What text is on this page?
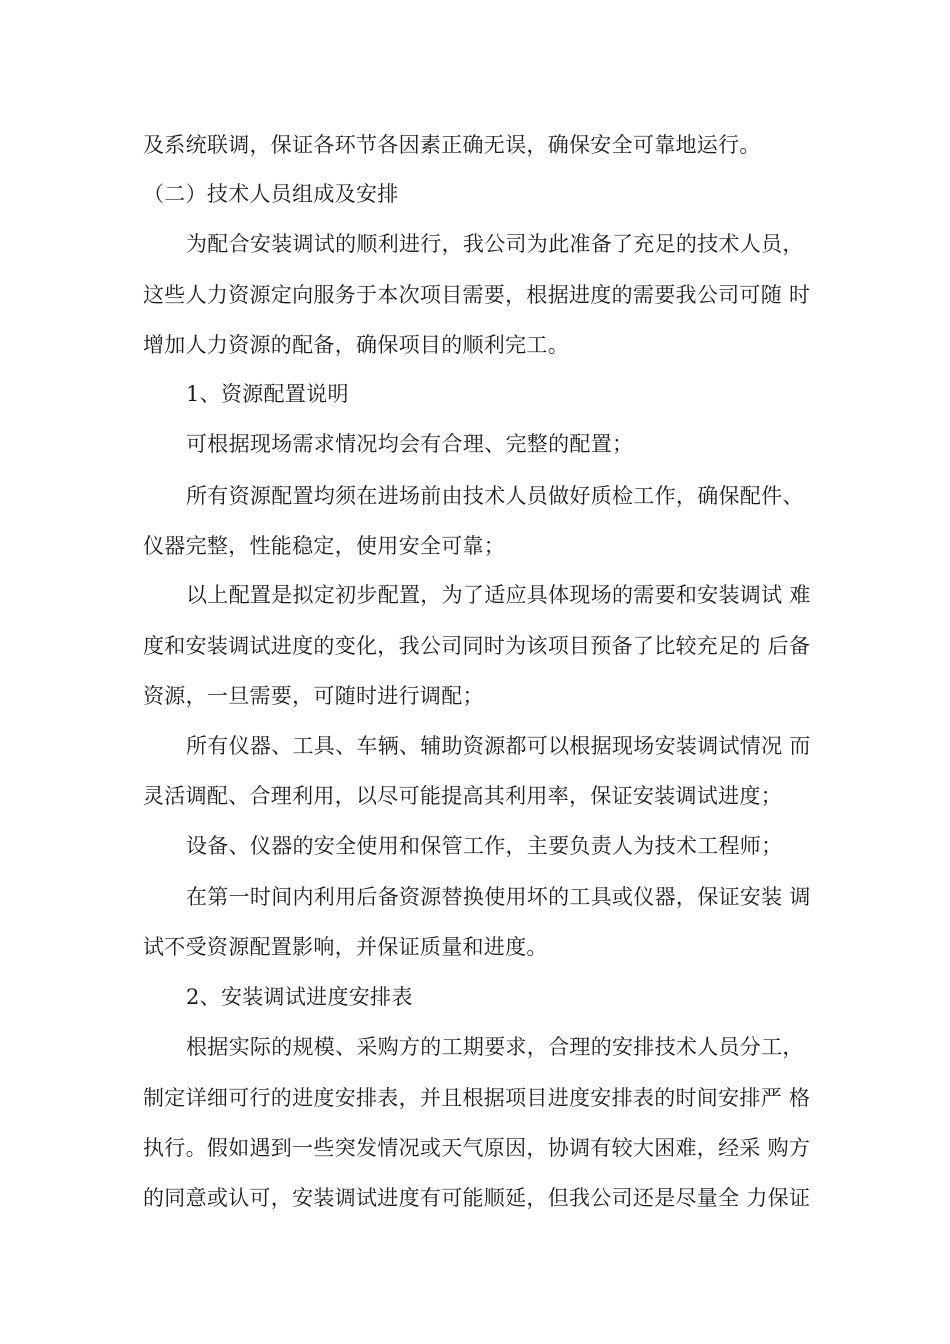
及系统联调，保证各环节各因素正确无误，确保安全可靠地运行。
（二）技术人员组成及安排
为配合安装调试的顺利进行，我公司为此准备了充足的技术人员，
这些人力资源定向服务于本次项目需要，根据进度的需要我公司可随 时
增加人力资源的配备，确保项目的顺利完工。
1、资源配置说明
可根据现场需求情况均会有合理、完整的配置；
所有资源配置均须在进场前由技术人员做好质检工作，确保配件、
仪器完整，性能稳定，使用安全可靠；
以上配置是拟定初步配置，为了适应具体现场的需要和安装调试 难
度和安装调试进度的变化，我公司同时为该项目预备了比较充足的 后备
资源，一旦需要，可随时进行调配；
所有仪器、工具、车辆、辅助资源都可以根据现场安装调试情况 而
灵活调配、合理利用，以尽可能提高其利用率，保证安装调试进度；
设备、仪器的安全使用和保管工作，主要负责人为技术工程师；
在第一时间内利用后备资源替换使用坏的工具或仪器，保证安装 调
试不受资源配置影响，并保证质量和进度。
2、安装调试进度安排表
根据实际的规模、采购方的工期要求，合理的安排技术人员分工，
制定详细可行的进度安排表，并且根据项目进度安排表的时间安排严 格
执行。假如遇到一些突发情况或天气原因，协调有较大困难，经采 购方
的同意或认可，安装调试进度有可能顺延，但我公司还是尽量全 力保证
